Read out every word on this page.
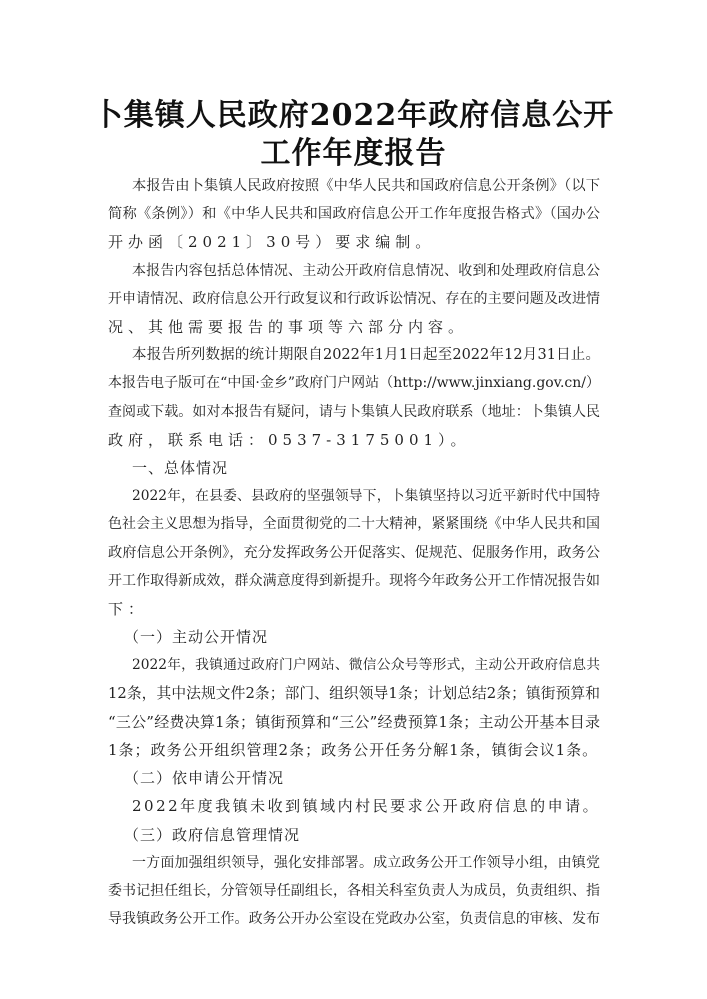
卜集镇人民政府2022年政府信息公开
工作年度报告
本报告由卜集镇人民政府按照《中华人民共和国政府信息公开条例》（以下
简称《条例》）和《中华人民共和国政府信息公开工作年度报告格式》（国办公
开办函〔2021〕30号）要求编制。
本报告内容包括总体情况、主动公开政府信息情况、收到和处理政府信息公
开申请情况、政府信息公开行政复议和行政诉讼情况、存在的主要问题及改进情
况、其他需要报告的事项等六部分内容。
本报告所列数据的统计期限自2022年1月1日起至2022年12月31日止。
本报告电子版可在“中国·金乡”政府门户网站（http://www.jinxiang.gov.cn/）
查阅或下载。如对本报告有疑问，请与卜集镇人民政府联系（地址：卜集镇人民
政府，联系电话：0537-3175001）。
一、总体情况
2022年，在县委、县政府的坚强领导下，卜集镇坚持以习近平新时代中国特
色社会主义思想为指导，全面贯彻党的二十大精神，紧紧围绕《中华人民共和国
政府信息公开条例》，充分发挥政务公开促落实、促规范、促服务作用，政务公
开工作取得新成效，群众满意度得到新提升。现将今年政务公开工作情况报告如
下：
（一）主动公开情况
2022年，我镇通过政府门户网站、微信公众号等形式，主动公开政府信息共
12条，其中法规文件2条；部门、组织领导1条；计划总结2条；镇街预算和
“三公”经费决算1条；镇街预算和“三公”经费预算1条；主动公开基本目录
1条；政务公开组织管理2条；政务公开任务分解1条，镇街会议1条。
（二）依申请公开情况
2022年度我镇未收到镇域内村民要求公开政府信息的申请。
（三）政府信息管理情况
一方面加强组织领导，强化安排部署。成立政务公开工作领导小组，由镇党
委书记担任组长，分管领导任副组长，各相关科室负责人为成员，负责组织、指
导我镇政务公开工作。政务公开办公室设在党政办公室，负责信息的审核、发布
